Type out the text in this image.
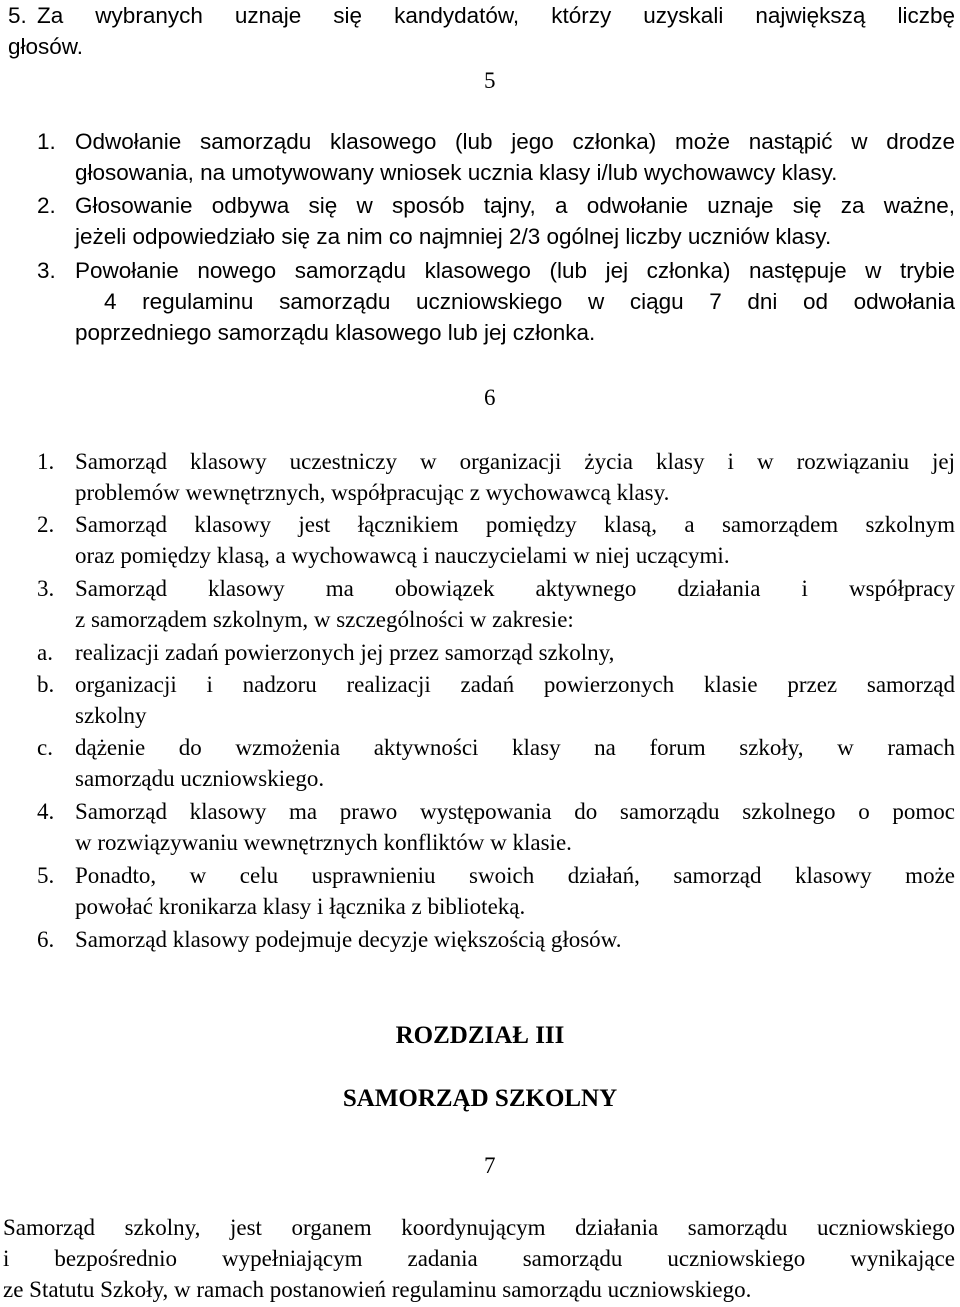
5. Za wybranych uznaje się kandydatów, którzy uzyskali największą liczbę
głosów.
5
1. Odwołanie samorządu klasowego (lub jego członka) może nastąpić w drodze
głosowania, na umotywowany wniosek ucznia klasy i/lub wychowawcy klasy.
2. Głosowanie odbywa się w sposób tajny, a odwołanie uznaje się za ważne,
jeżeli odpowiedziało się za nim co najmniej 2/3 ogólnej liczby uczniów klasy.
3. Powołanie nowego samorządu klasowego (lub jej członka) następuje w trybie
4 regulaminu samorządu uczniowskiego w ciągu 7 dni od odwołania
poprzedniego samorządu klasowego lub jej członka.
6
1. Samorząd klasowy uczestniczy w organizacji życia klasy i w rozwiązaniu jej
problemów wewnętrznych, współpracując z wychowawcą klasy.
2. Samorząd klasowy jest łącznikiem pomiędzy klasą, a samorządem szkolnym
oraz pomiędzy klasą, a wychowawcą i nauczycielami w niej uczącymi.
3. Samorząd klasowy ma obowiązek aktywnego działania i współpracy
z samorządem szkolnym, w szczególności w zakresie:
a. realizacji zadań powierzonych jej przez samorząd szkolny,
b. organizacji i nadzoru realizacji zadań powierzonych klasie przez samorząd
szkolny
c. dążenie do wzmożenia aktywności klasy na forum szkoły, w ramach
samorządu uczniowskiego.
4. Samorząd klasowy ma prawo występowania do samorządu szkolnego o pomoc
w rozwiązywaniu wewnętrznych konfliktów w klasie.
5. Ponadto, w celu usprawnieniu swoich działań, samorząd klasowy może
powołać kronikarza klasy i łącznika z biblioteką.
6. Samorząd klasowy podejmuje decyzje większością głosów.
ROZDZIAŁ III
SAMORZĄD SZKOLNY
7
Samorząd szkolny, jest organem koordynującym działania samorządu uczniowskiego
i bezpośrednio wypełniającym zadania samorządu uczniowskiego wynikające
ze Statutu Szkoły, w ramach postanowień regulaminu samorządu uczniowskiego.
